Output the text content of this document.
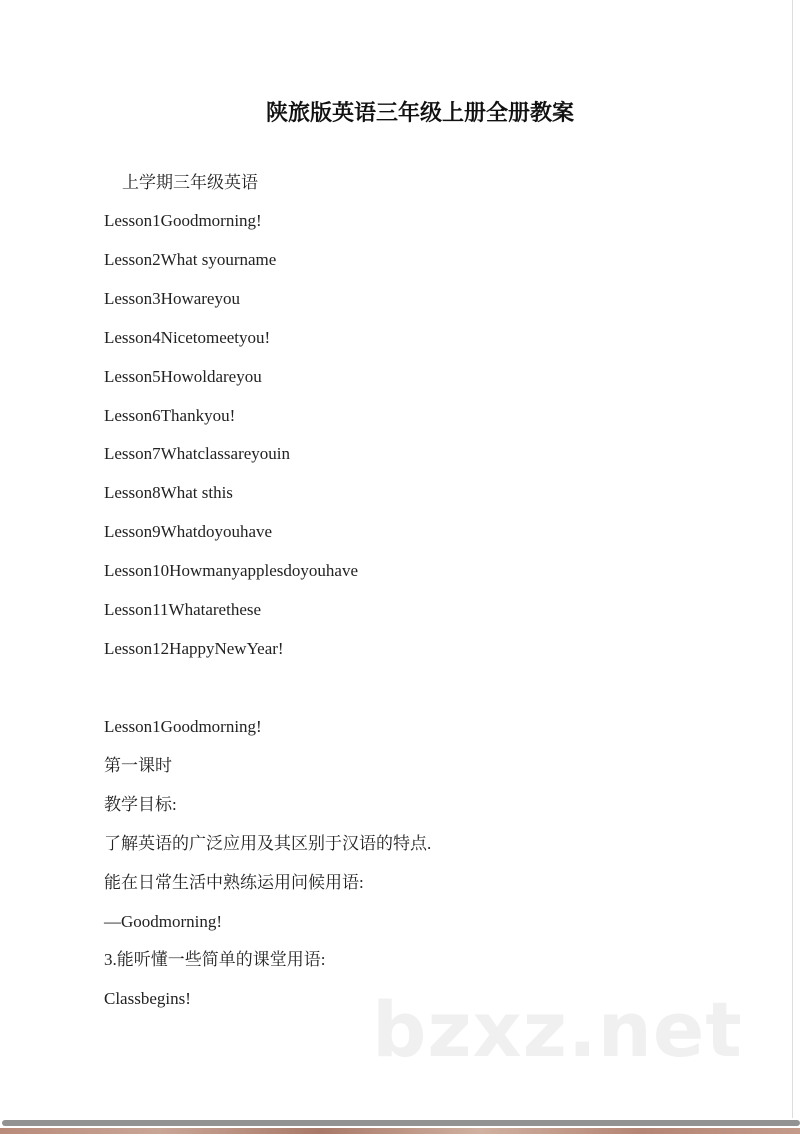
陕旅版英语三年级上册全册教案
上学期三年级英语
Lesson1Goodmorning!
Lesson2What syourname
Lesson3Howareyou
Lesson4Nicetomeetyou!
Lesson5Howoldareyou
Lesson6Thankyou!
Lesson7Whatclassareyouin
Lesson8What sthis
Lesson9Whatdoyouhave
Lesson10Howmanyapplesdoyouhave
Lesson11Whatarethese
Lesson12HappyNewYear!
Lesson1Goodmorning!
第一课时
教学目标:
了解英语的广泛应用及其区别于汉语的特点.
能在日常生活中熟练运用问候用语:
—Goodmorning!
3.能听懂一些简单的课堂用语:
Classbegins! bzxz.net
